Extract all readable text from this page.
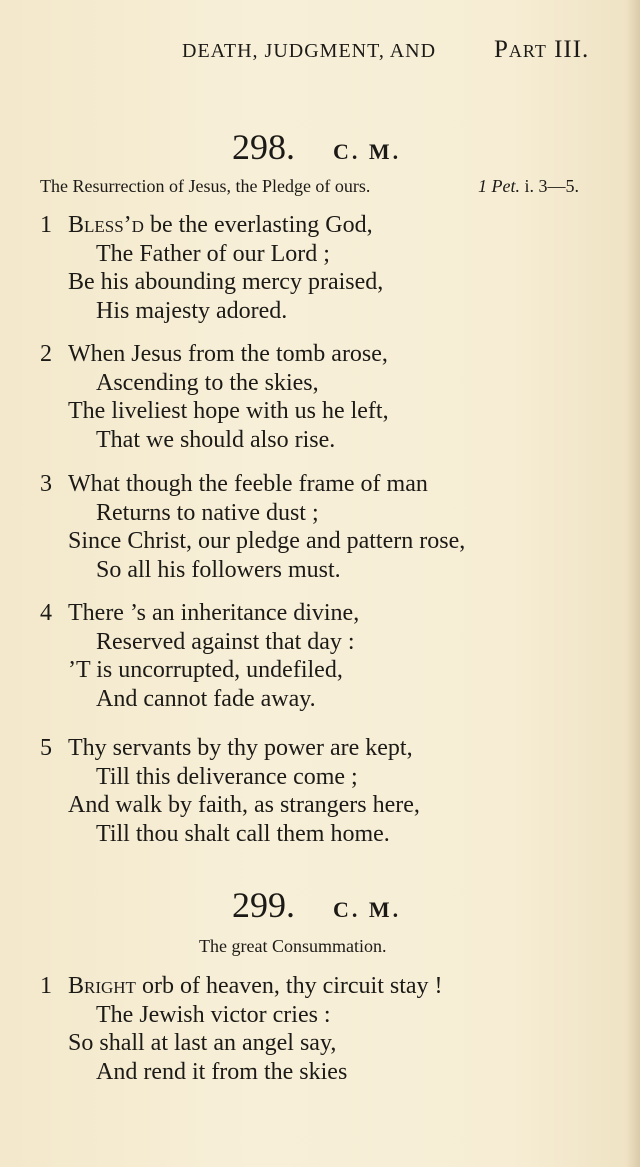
DEATH, JUDGMENT, AND Part III.
298. C. M.
The Resurrection of Jesus, the Pledge of ours.	1 Pet. i. 3—5.
1 Bless’d be the everlasting God,
The Father of our Lord ;
Be his abounding mercy praised,
His majesty adored.
2 When Jesus from the tomb arose,
Ascending to the skies,
The liveliest hope with us he left,
That we should also rise.
3 What though the feeble frame of man
Returns to native dust ;
Since Christ, our pledge and pattern rose,
So all his followers must.
4 There ’s an inheritance divine,
Reserved against that day :
’T is uncorrupted, undefiled,
And cannot fade away.
5 Thy servants by thy power are kept,
Till this deliverance come ;
And walk by faith, as strangers here,
Till thou shalt call them home.
299. C. M.
The great Consummation.
1 Bright orb of heaven, thy circuit stay !
The Jewish victor cries :
So shall at last an angel say,
And rend it from the skies
